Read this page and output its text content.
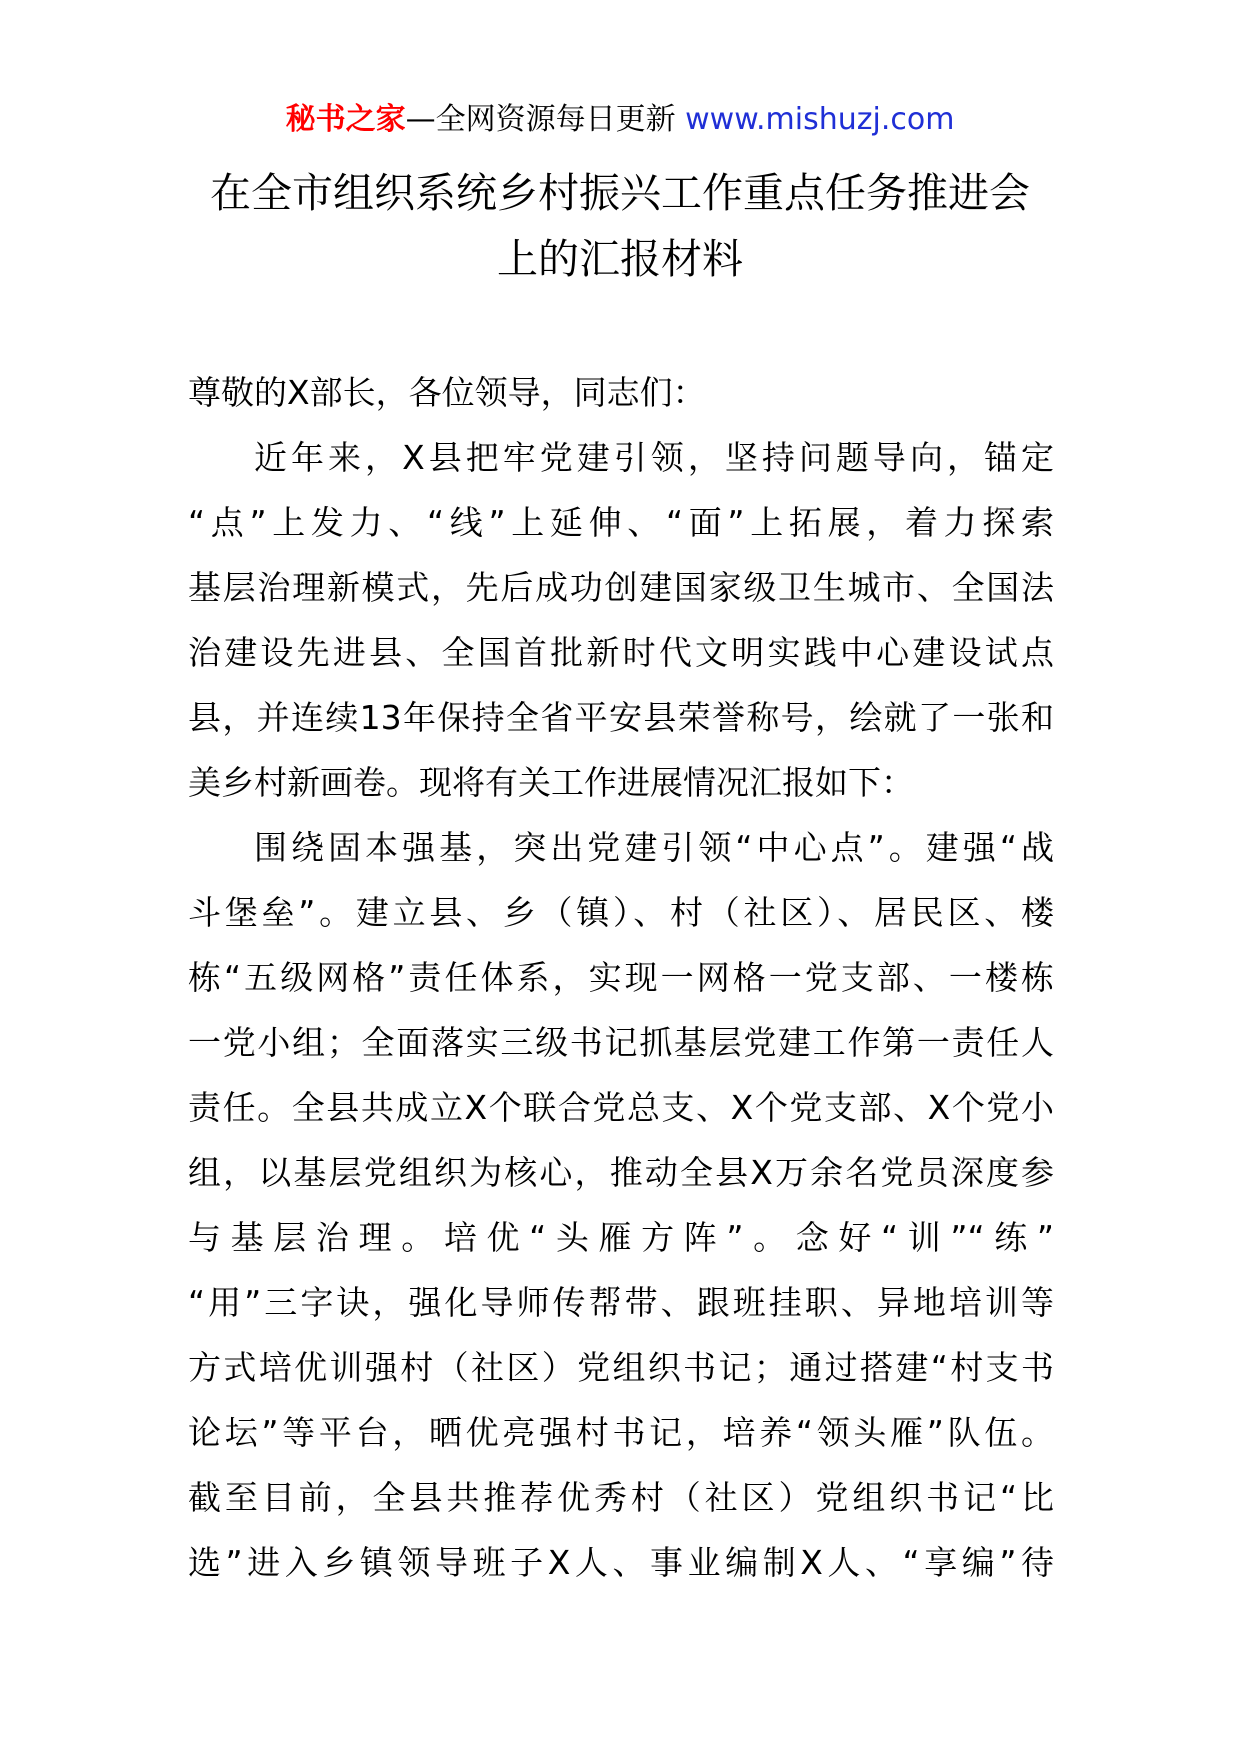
秘书之家—全网资源每日更新 www.mishuzj.com
在全市组织系统乡村振兴工作重点任务推进会
上的汇报材料
尊敬的X部长，各位领导，同志们：
近年来，X县把牢党建引领，坚持问题导向，锚定
“点”上发力、“线”上延伸、“面”上拓展，着力探索
基层治理新模式，先后成功创建国家级卫生城市、全国法
治建设先进县、全国首批新时代文明实践中心建设试点
县，并连续13年保持全省平安县荣誉称号，绘就了一张和
美乡村新画卷。现将有关工作进展情况汇报如下：
围绕固本强基，突出党建引领“中心点”。建强“战
斗堡垒”。建立县、乡（镇）、村（社区）、居民区、楼
栋“五级网格”责任体系，实现一网格一党支部、一楼栋
一党小组；全面落实三级书记抓基层党建工作第一责任人
责任。全县共成立X个联合党总支、X个党支部、X个党小
组，以基层党组织为核心，推动全县X万余名党员深度参
与基层治理。培优“头雁方阵”。念好“训”“练”
“用”三字诀，强化导师传帮带、跟班挂职、异地培训等
方式培优训强村（社区）党组织书记；通过搭建“村支书
论坛”等平台，晒优亮强村书记，培养“领头雁”队伍。
截至目前，全县共推荐优秀村（社区）党组织书记“比
选”进入乡镇领导班子X人、事业编制X人、“享编”待
